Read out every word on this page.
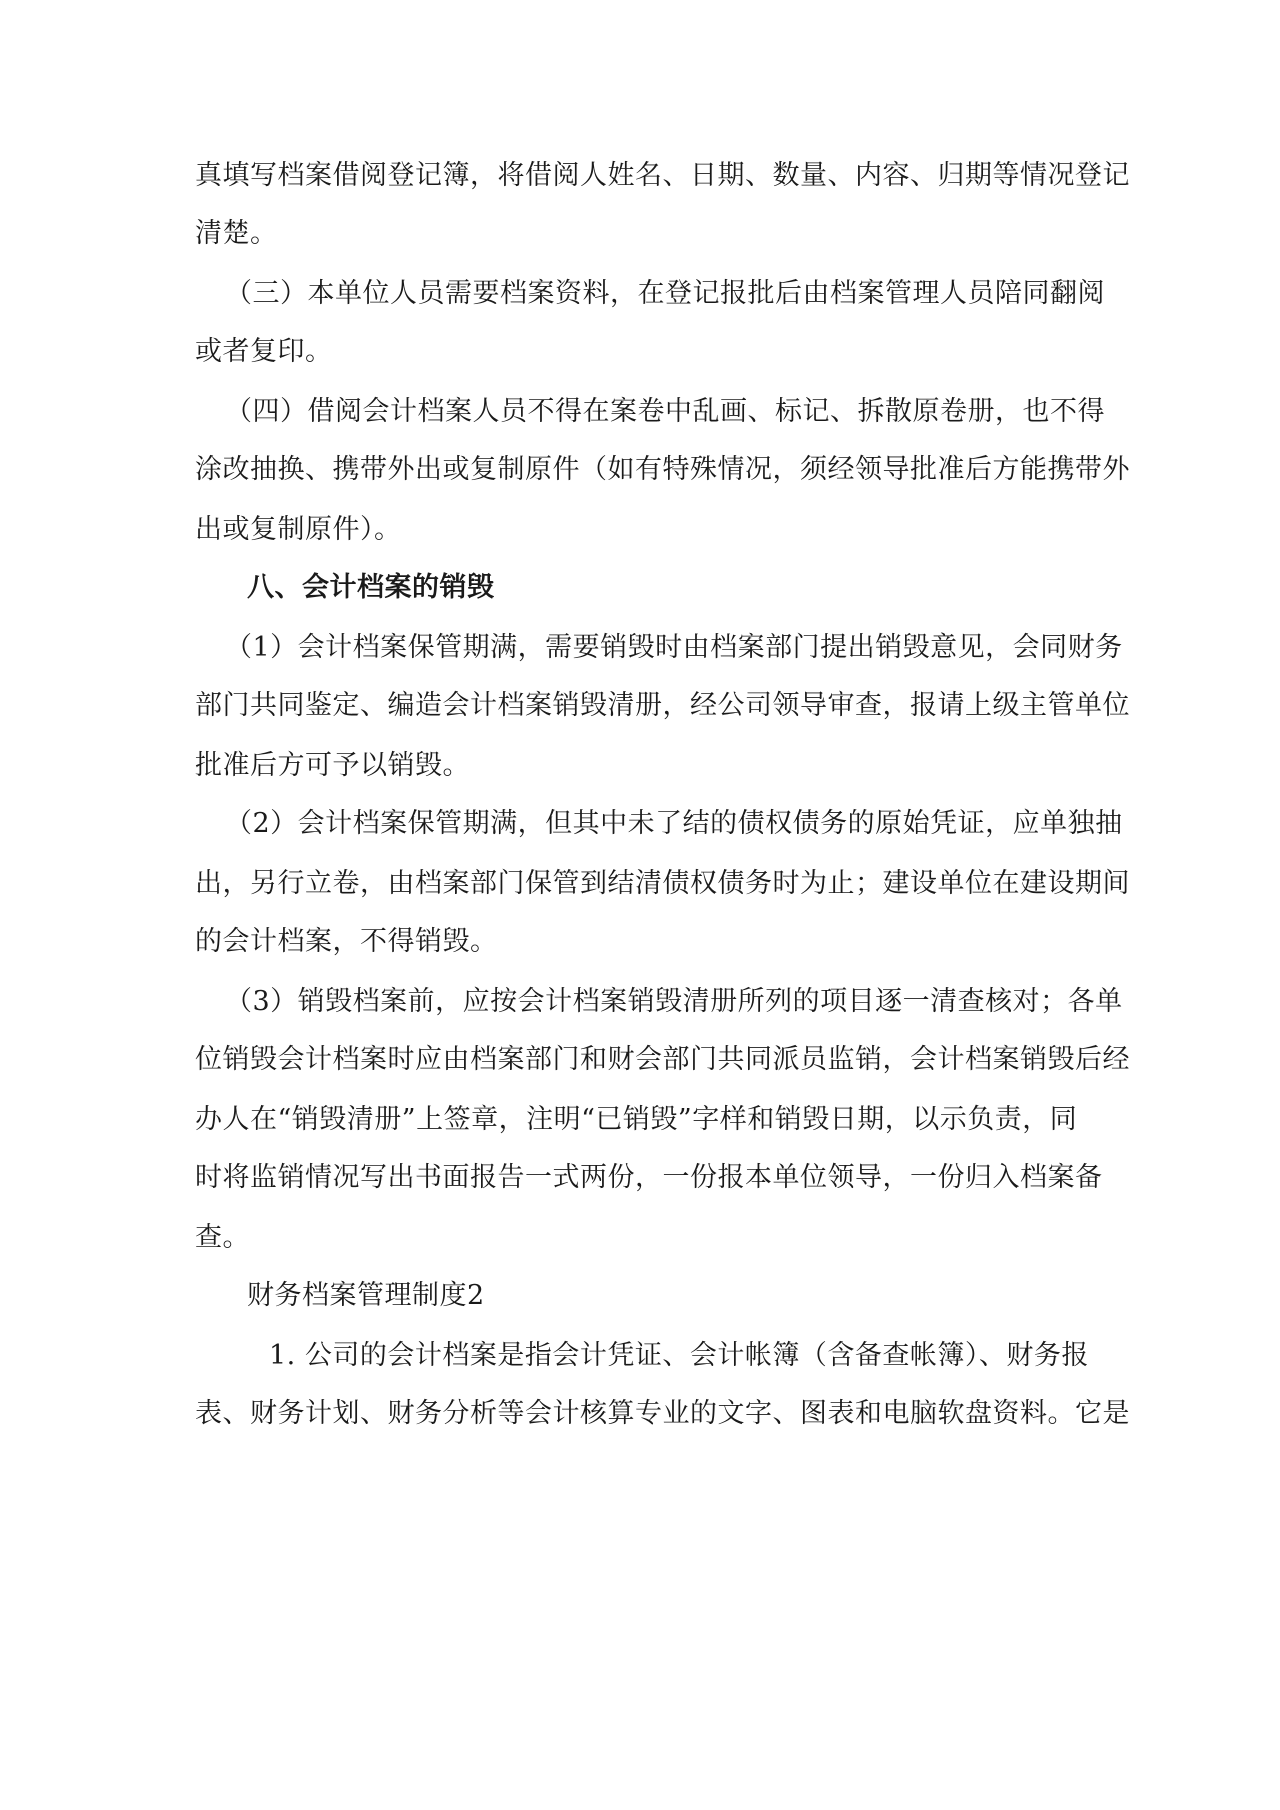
真填写档案借阅登记簿，将借阅人姓名、日期、数量、内容、归期等情况登记
清楚。
（三）本单位人员需要档案资料，在登记报批后由档案管理人员陪同翻阅
或者复印。
（四）借阅会计档案人员不得在案卷中乱画、标记、拆散原卷册，也不得
涂改抽换、携带外出或复制原件（如有特殊情况，须经领导批准后方能携带外
出或复制原件）。
八、会计档案的销毁
（1）会计档案保管期满，需要销毁时由档案部门提出销毁意见，会同财务
部门共同鉴定、编造会计档案销毁清册，经公司领导审查，报请上级主管单位
批准后方可予以销毁。
（2）会计档案保管期满，但其中未了结的债权债务的原始凭证，应单独抽
出，另行立卷，由档案部门保管到结清债权债务时为止；建设单位在建设期间
的会计档案，不得销毁。
（3）销毁档案前，应按会计档案销毁清册所列的项目逐一清查核对；各单
位销毁会计档案时应由档案部门和财会部门共同派员监销，会计档案销毁后经
办人在“销毁清册”上签章，注明“已销毁”字样和销毁日期，以示负责，同
时将监销情况写出书面报告一式两份，一份报本单位领导，一份归入档案备
查。
财务档案管理制度2
1. 公司的会计档案是指会计凭证、会计帐簿（含备查帐簿）、财务报
表、财务计划、财务分析等会计核算专业的文字、图表和电脑软盘资料。它是
